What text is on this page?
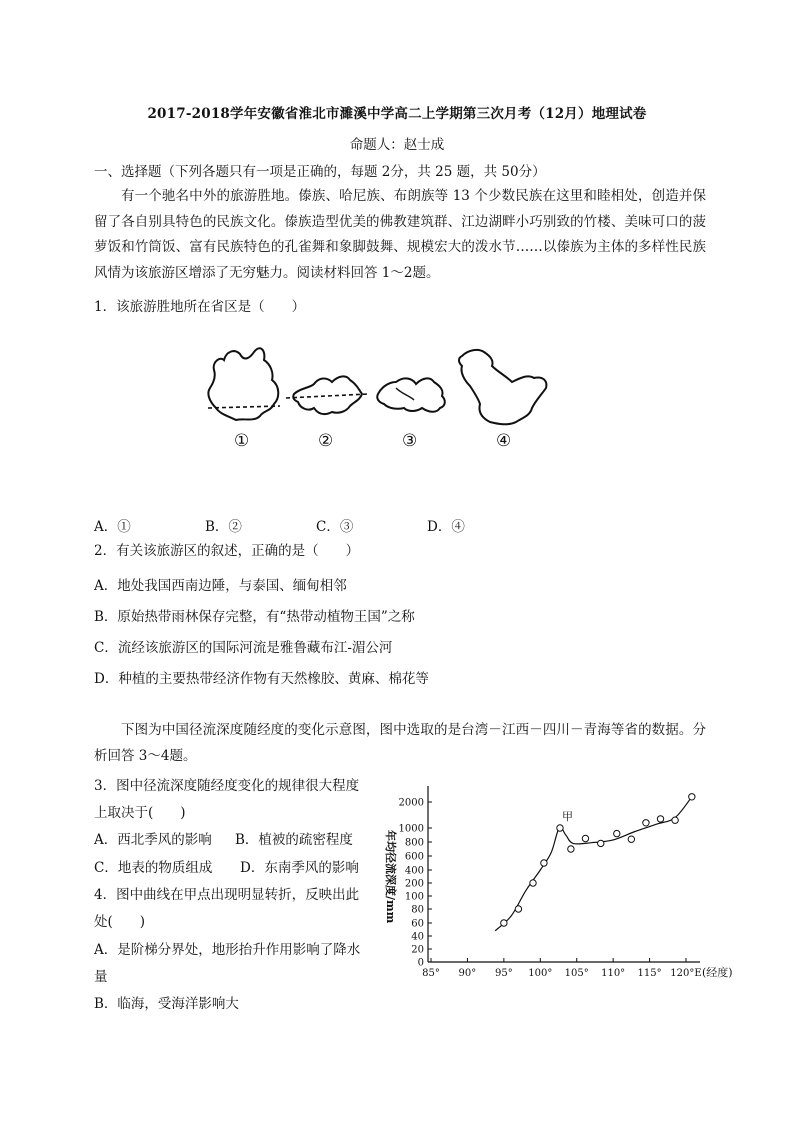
2017-2018学年安徽省淮北市濉溪中学高二上学期第三次月考（12月）地理试卷
命题人：赵士成
一、选择题（下列各题只有一项是正确的，每题 2分，共 25 题，共 50分）
有一个驰名中外的旅游胜地。傣族、哈尼族、布朗族等 13 个少数民族在这里和睦相处，创造并保留了各自别具特色的民族文化。傣族造型优美的佛教建筑群、江边湖畔小巧别致的竹楼、美味可口的菠萝饭和竹筒饭、富有民族特色的孔雀舞和象脚鼓舞、规模宏大的泼水节……以傣族为主体的多样性民族风情为该旅游区增添了无穷魅力。阅读材料回答 1～2题。
1．该旅游胜地所在省区是（　　）
①	②	③	④
A．①	B．②	C．③	D．④
2．有关该旅游区的叙述，正确的是（　　）
A．地处我国西南边陲，与泰国、缅甸相邻
B．原始热带雨林保存完整，有“热带动植物王国”之称
C．流经该旅游区的国际河流是雅鲁藏布江-湄公河
D．种植的主要热带经济作物有天然橡胶、黄麻、棉花等
下图为中国径流深度随经度的变化示意图，图中选取的是台湾－江西－四川－青海等省的数据。分析回答 3～4题。
3．图中径流深度随经度变化的规律很大程度
上取决于(　　)
A．西北季风的影响 B．植被的疏密程度
C．地表的物质组成 D．东南季风的影响
4．图中曲线在甲点出现明显转折，反映出此
处(　　)
A．是阶梯分界处，地形抬升作用影响了降水
量
B．临海，受海洋影响大
年均径流深度/mm
0
20
40
60
80
100
200
400
600
800
1000
2000
85° 90° 95° 100° 105° 110° 115° 120°E
甲
(经度)
